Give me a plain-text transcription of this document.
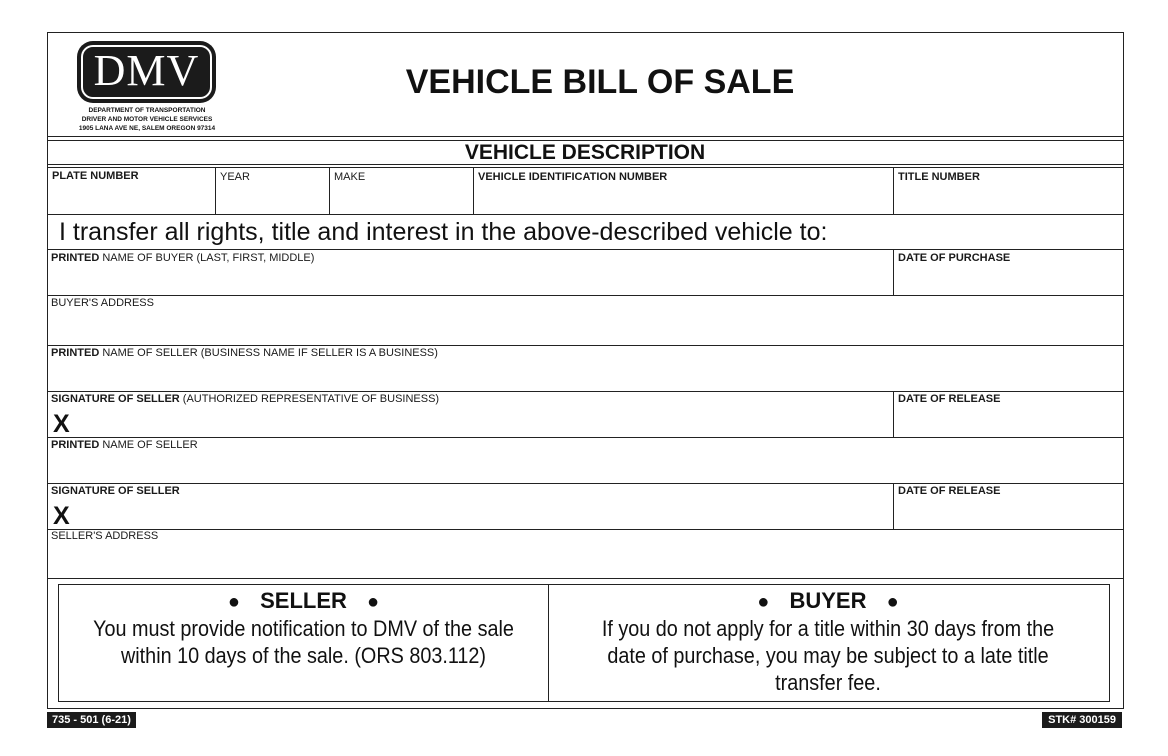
DMV
DEPARTMENT OF TRANSPORTATION
DRIVER AND MOTOR VEHICLE SERVICES
1905 LANA AVE NE, SALEM OREGON 97314
VEHICLE BILL OF SALE
VEHICLE DESCRIPTION
PLATE NUMBER	YEAR	MAKE	VEHICLE IDENTIFICATION NUMBER	TITLE NUMBER
I transfer all rights, title and interest in the above-described vehicle to:
PRINTED NAME OF BUYER (LAST, FIRST, MIDDLE)	DATE OF PURCHASE
BUYER'S ADDRESS
PRINTED NAME OF SELLER (BUSINESS NAME IF SELLER IS A BUSINESS)
SIGNATURE OF SELLER (AUTHORIZED REPRESENTATIVE OF BUSINESS)
X
DATE OF RELEASE
PRINTED NAME OF SELLER
SIGNATURE OF SELLER
X
DATE OF RELEASE
SELLER'S ADDRESS
● SELLER ●
You must provide notification to DMV of the sale within 10 days of the sale. (ORS 803.112)
● BUYER ●
If you do not apply for a title within 30 days from the date of purchase, you may be subject to a late title transfer fee.
735 - 501 (6-21)	STK# 300159
